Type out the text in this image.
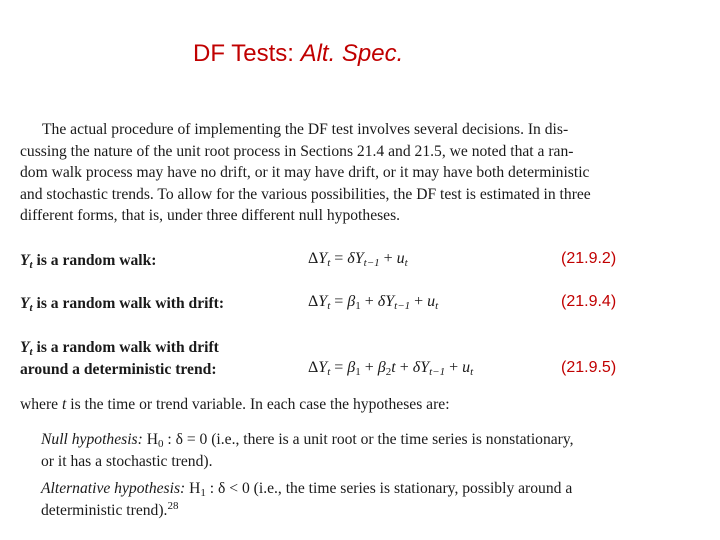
DF Tests: Alt. Spec.

The actual procedure of implementing the DF test involves several decisions. In dis-
cussing the nature of the unit root process in Sections 21.4 and 21.5, we noted that a ran-
dom walk process may have no drift, or it may have drift, or it may have both deterministic
and stochastic trends. To allow for the various possibilities, the DF test is estimated in three
different forms, that is, under three different null hypotheses.

$Y_t$ is a random walk:	$\Delta Y_t = \delta Y_{t-1} + u_t$	(21.9.2)
$Y_t$ is a random walk with drift:	$\Delta Y_t = \beta_1 + \delta Y_{t-1} + u_t$	(21.9.4)
$Y_t$ is a random walk with drift
around a deterministic trend:	$\Delta Y_t = \beta_1 + \beta_2t + \delta Y_{t-1} + u_t$	(21.9.5)

where t is the time or trend variable. In each case the hypotheses are:

Null hypothesis: $H_0$ : δ = 0 (i.e., there is a unit root or the time series is nonstationary,
or it has a stochastic trend).

Alternative hypothesis: $H_1$ : δ < 0 (i.e., the time series is stationary, possibly around a
deterministic trend).$^{28}$
